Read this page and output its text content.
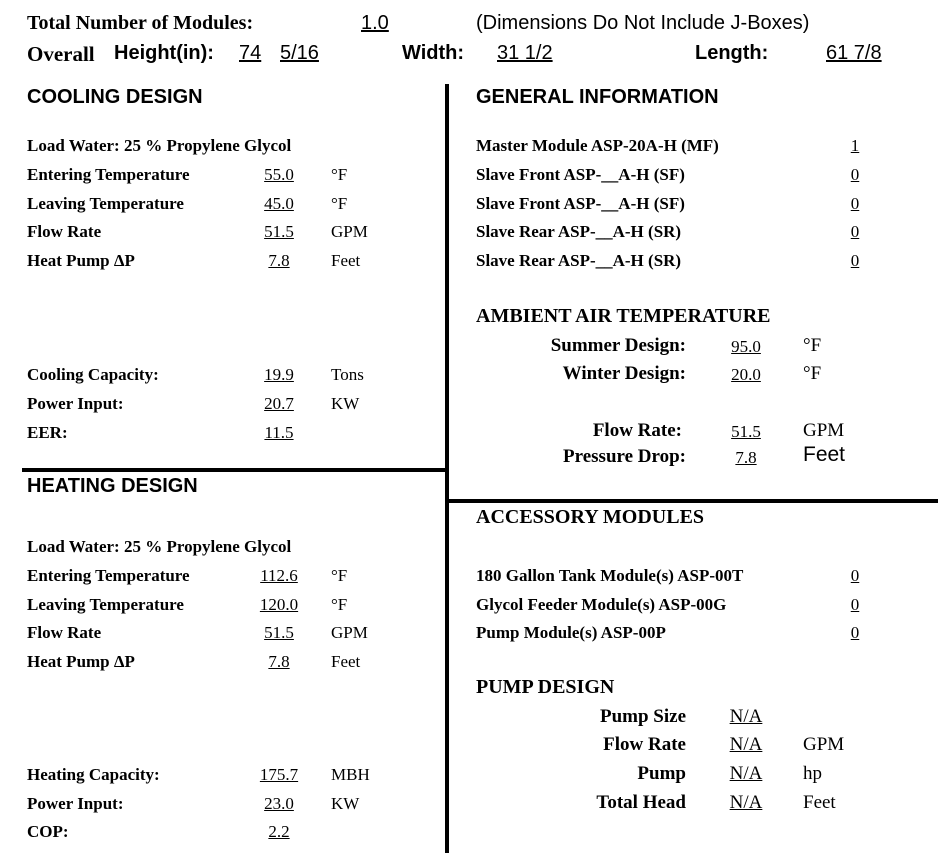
Total Number of Modules:	1.0	(Dimensions Do Not Include J-Boxes)
Overall Height(in): 74 5/16	Width: 31 1/2	Length:	61 7/8
COOLING DESIGN
Load Water: 25 % Propylene Glycol
Entering Temperature	55.0	°F
Leaving Temperature	45.0	°F
Flow Rate	51.5	GPM
Heat Pump ΔP	7.8	Feet
Cooling Capacity:	19.9	Tons
Power Input:	20.7	KW
EER:	11.5
HEATING DESIGN
Load Water: 25 % Propylene Glycol
Entering Temperature	112.6	°F
Leaving Temperature	120.0	°F
Flow Rate	51.5	GPM
Heat Pump ΔP	7.8	Feet
Heating Capacity:	175.7	MBH
Power Input:	23.0	KW
COP:	2.2
GENERAL INFORMATION
Master Module ASP-20A-H (MF)	1
Slave Front ASP-__A-H (SF)	0
Slave Front ASP-__A-H (SF)	0
Slave Rear ASP-__A-H (SR)	0
Slave Rear ASP-__A-H (SR)	0
AMBIENT AIR TEMPERATURE
Summer Design:	95.0	°F
Winter Design:	20.0	°F
Flow Rate:	51.5	GPM
Pressure Drop:	7.8	Feet
ACCESSORY MODULES
180 Gallon Tank Module(s) ASP-00T	0
Glycol Feeder Module(s) ASP-00G	0
Pump Module(s) ASP-00P	0
PUMP DESIGN
Pump Size	N/A
Flow Rate	N/A	GPM
Pump	N/A	hp
Total Head	N/A	Feet
